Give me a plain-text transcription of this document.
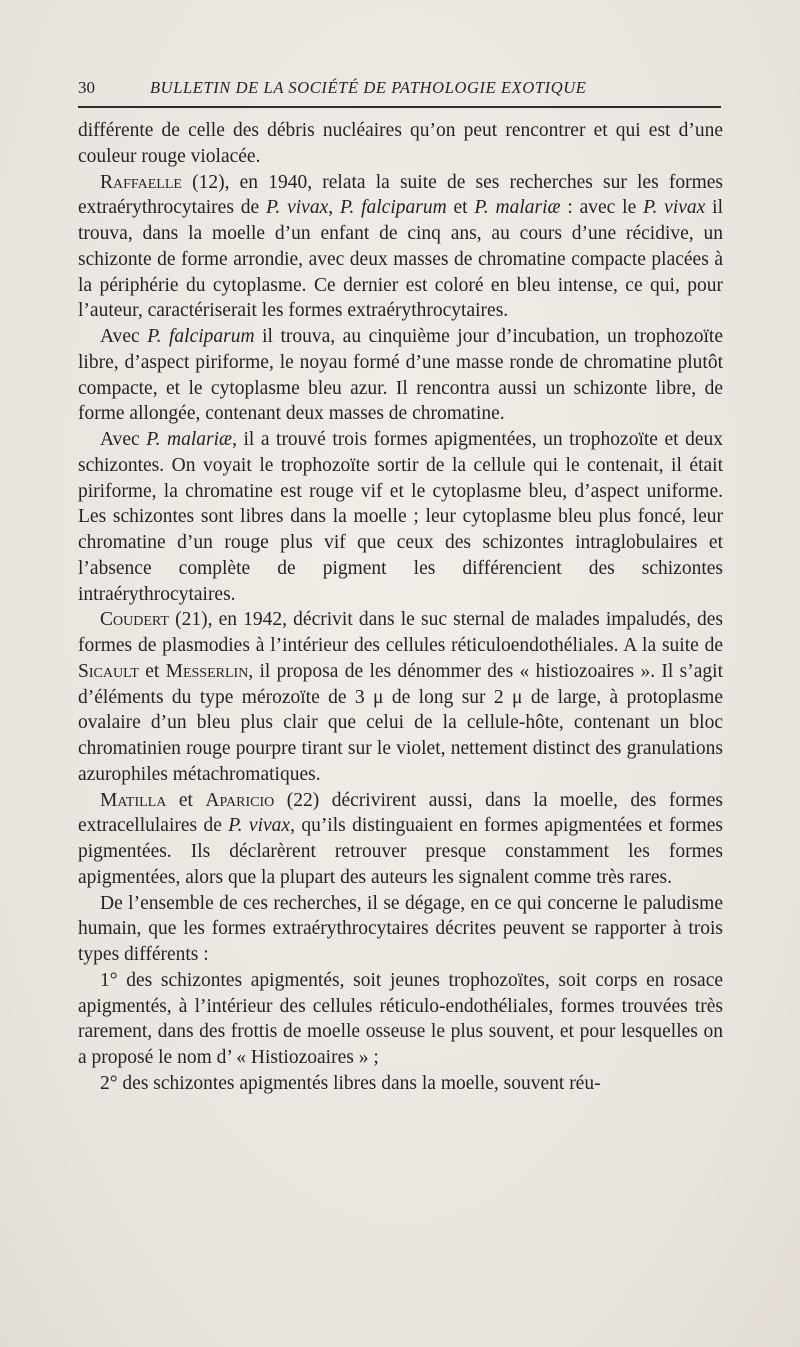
30	BULLETIN DE LA SOCIÉTÉ DE PATHOLOGIE EXOTIQUE

différente de celle des débris nucléaires qu’on peut rencontrer et qui est d’une couleur rouge violacée.

Raffaelle (12), en 1940, relata la suite de ses recherches sur les formes extraérythrocytaires de P. vivax, P. falciparum et P. malariæ : avec le P. vivax il trouva, dans la moelle d’un enfant de cinq ans, au cours d’une récidive, un schizonte de forme arrondie, avec deux masses de chromatine compacte placées à la périphérie du cytoplasme. Ce dernier est coloré en bleu intense, ce qui, pour l’auteur, caractériserait les formes extraérythrocytaires.

Avec P. falciparum il trouva, au cinquième jour d’incubation, un trophozoïte libre, d’aspect piriforme, le noyau formé d’une masse ronde de chromatine plutôt compacte, et le cytoplasme bleu azur. Il rencontra aussi un schizonte libre, de forme allongée, contenant deux masses de chromatine.

Avec P. malariæ, il a trouvé trois formes apigmentées, un trophozoïte et deux schizontes. On voyait le trophozoïte sortir de la cellule qui le contenait, il était piriforme, la chromatine est rouge vif et le cytoplasme bleu, d’aspect uniforme. Les schizontes sont libres dans la moelle ; leur cytoplasme bleu plus foncé, leur chromatine d’un rouge plus vif que ceux des schizontes intraglobulaires et l’absence complète de pigment les différencient des schizontes intraérythrocytaires.

Coudert (21), en 1942, décrivit dans le suc sternal de malades impaludés, des formes de plasmodies à l’intérieur des cellules réticuloendothéliales. A la suite de Sicault et Messerlin, il proposa de les dénommer des « histiozoaires ». Il s’agit d’éléments du type mérozoïte de 3 μ de long sur 2 μ de large, à protoplasme ovalaire d’un bleu plus clair que celui de la cellule-hôte, contenant un bloc chromatinien rouge pourpre tirant sur le violet, nettement distinct des granulations azurophiles métachromatiques.

Matilla et Aparicio (22) décrivirent aussi, dans la moelle, des formes extracellulaires de P. vivax, qu’ils distinguaient en formes apigmentées et formes pigmentées. Ils déclarèrent retrouver presque constamment les formes apigmentées, alors que la plupart des auteurs les signalent comme très rares.

De l’ensemble de ces recherches, il se dégage, en ce qui concerne le paludisme humain, que les formes extraérythrocytaires décrites peuvent se rapporter à trois types différents :

1° des schizontes apigmentés, soit jeunes trophozoïtes, soit corps en rosace apigmentés, à l’intérieur des cellules réticulo-endothéliales, formes trouvées très rarement, dans des frottis de moelle osseuse le plus souvent, et pour lesquelles on a proposé le nom d’ « Histiozoaires » ;

2° des schizontes apigmentés libres dans la moelle, souvent réu-
